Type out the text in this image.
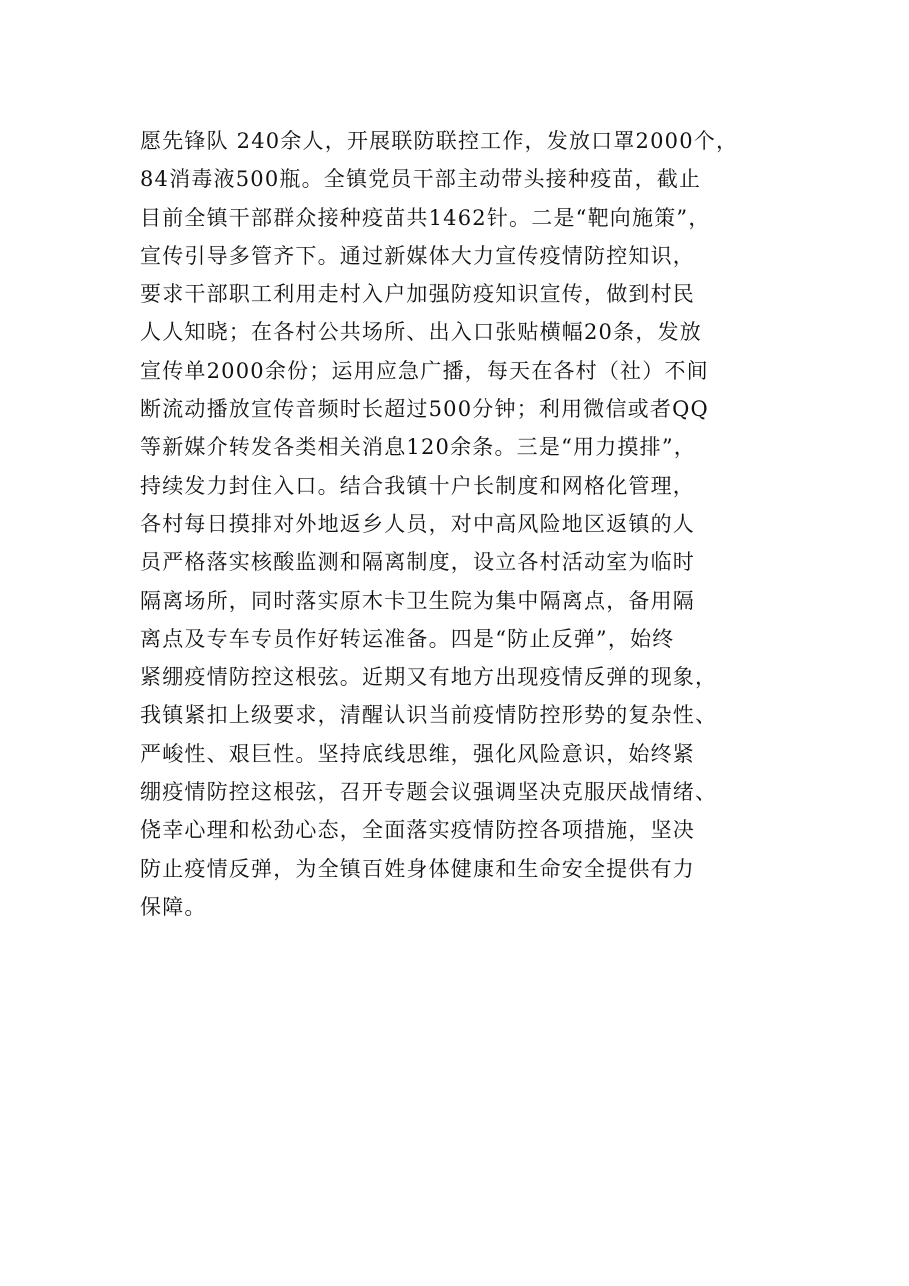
愿先锋队 240余人，开展联防联控工作，发放口罩2000个，
84消毒液500瓶。全镇党员干部主动带头接种疫苗，截止
目前全镇干部群众接种疫苗共1462针。二是“靶向施策”，
宣传引导多管齐下。通过新媒体大力宣传疫情防控知识，
要求干部职工利用走村入户加强防疫知识宣传，做到村民
人人知晓；在各村公共场所、出入口张贴横幅20条，发放
宣传单2000余份；运用应急广播，每天在各村（社）不间
断流动播放宣传音频时长超过500分钟；利用微信或者QQ
等新媒介转发各类相关消息120余条。三是“用力摸排”，
持续发力封住入口。结合我镇十户长制度和网格化管理，
各村每日摸排对外地返乡人员，对中高风险地区返镇的人
员严格落实核酸监测和隔离制度，设立各村活动室为临时
隔离场所，同时落实原木卡卫生院为集中隔离点，备用隔
离点及专车专员作好转运准备。四是“防止反弹”，始终
紧绷疫情防控这根弦。近期又有地方出现疫情反弹的现象，
我镇紧扣上级要求，清醒认识当前疫情防控形势的复杂性、
严峻性、艰巨性。坚持底线思维，强化风险意识，始终紧
绷疫情防控这根弦，召开专题会议强调坚决克服厌战情绪、
侥幸心理和松劲心态，全面落实疫情防控各项措施，坚决
防止疫情反弹，为全镇百姓身体健康和生命安全提供有力
保障。
